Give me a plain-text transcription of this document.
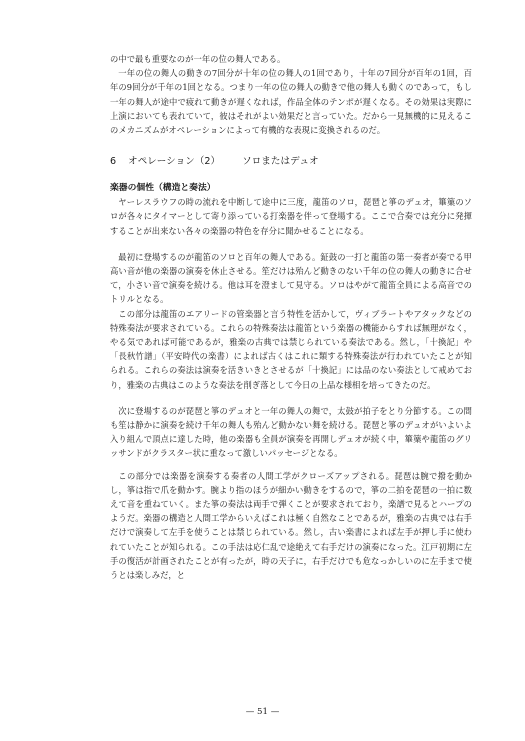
の中で最も重要なのが一年の位の舞人である。

一年の位の舞人の動きの7回分が十年の位の舞人の1回であり，十年の7回分が百年の1回，百年の9回分が千年の1回となる。つまり一年の位の舞人の動きで他の舞人も動くのであって，もし一年の舞人が途中で疲れて動きが遅くなれば，作品全体のテンポが遅くなる。その効果は実際に上演においても表れていて，彼はそれがよい効果だと言っていた。だから一見無機的に見えるこのメカニズムがオペレーションによって有機的な表現に変換されるのだ。

6 オペレーション（2） ソロまたはデュオ
楽器の個性（構造と奏法）

ヤーレスラウフの時の流れを中断して途中に三度，龍笛のソロ，琵琶と箏のデュオ，篳篥のソロが各々にタイマーとして寄り添っている打楽器を伴って登場する。ここで合奏では充分に発揮することが出来ない各々の楽器の特色を存分に聞かせることになる。

最初に登場するのが龍笛のソロと百年の舞人である。鉦鼓の一打と龍笛の第一奏者が奏でる甲高い音が他の楽器の演奏を休止させる。笙だけは殆んど動きのない千年の位の舞人の動きに合せて，小さい音で演奏を続ける。他は耳を澄まして見守る。ソロはやがて龍笛全員による高音でのトリルとなる。

この部分は龍笛のエアリードの管楽器と言う特性を活かして，ヴィブラートやアタックなどの特殊奏法が要求されている。これらの特殊奏法は龍笛という楽器の機能からすれば無理がなく，やる気であれば可能であるが，雅楽の古典では禁じられている奏法である。然し，「十換記」や「長秋竹譜」（平安時代の楽書）によれば古くはこれに類する特殊奏法が行われていたことが知られる。これらの奏法は演奏を活きいきとさせるが「十換記」には品のない奏法として戒めており，雅楽の古典はこのような奏法を削ぎ落として今日の上品な様相を培ってきたのだ。

次に登場するのが琵琶と箏のデュオと一年の舞人の舞で，太鼓が拍子をとり分節する。この間も笙は静かに演奏を続け千年の舞人も殆んど動かない舞を続ける。琵琶と箏のデュオがいよいよ入り組んで頂点に達した時，他の楽器も全員が演奏を再開しデュオが続く中，篳篥や龍笛のグリッサンドがクラスター状に重なって激しいパッセージとなる。

この部分では楽器を演奏する奏者の人間工学がクローズアップされる。琵琶は腕で撥を動かし，箏は指で爪を動かす。腕より指のほうが細かい動きをするので，箏の二拍を琵琶の一拍に数えて音を重ねていく。また箏の奏法は両手で弾くことが要求されており，楽譜で見るとハープのようだ。楽器の構造と人間工学からいえばこれは極く自然なことであるが，雅楽の古典では右手だけで演奏して左手を使うことは禁じられている。然し，古い楽書によれば左手が押し手に使われていたことが知られる。この手法は応仁乱で途絶えて右手だけの演奏になった。江戸初期に左手の復活が計画されたことが有ったが，時の天子に，右手だけでも危なっかしいのに左手まで使うとは楽しみだ，と

— 51 —
